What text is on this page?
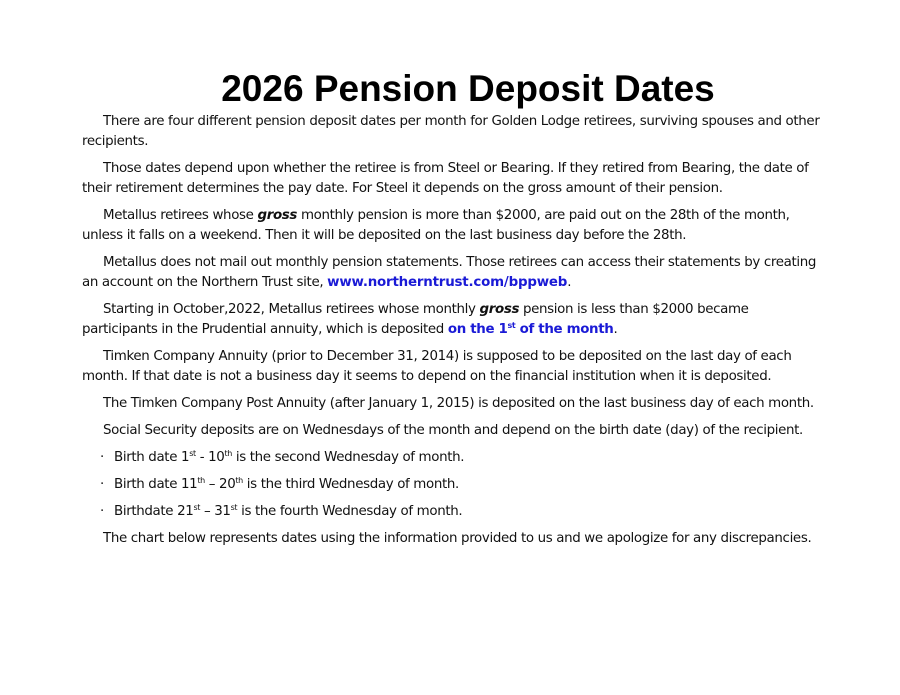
2026 Pension Deposit Dates

There are four different pension deposit dates per month for Golden Lodge retirees, surviving spouses and other recipients.

Those dates depend upon whether the retiree is from Steel or Bearing. If they retired from Bearing, the date of their retirement determines the pay date. For Steel it depends on the gross amount of their pension.

Metallus retirees whose gross monthly pension is more than $2000, are paid out on the 28th of the month, unless it falls on a weekend. Then it will be deposited on the last business day before the 28th.

Metallus does not mail out monthly pension statements. Those retirees can access their statements by creating an account on the Northern Trust site, www.northerntrust.com/bppweb.

Starting in October,2022, Metallus retirees whose monthly gross pension is less than $2000 became participants in the Prudential annuity, which is deposited on the 1st of the month.

Timken Company Annuity (prior to December 31, 2014) is supposed to be deposited on the last day of each month. If that date is not a business day it seems to depend on the financial institution when it is deposited.

The Timken Company Post Annuity (after January 1, 2015) is deposited on the last business day of each month.

Social Security deposits are on Wednesdays of the month and depend on the birth date (day) of the recipient.

· Birth date 1st - 10th is the second Wednesday of month.

· Birth date 11th – 20th is the third Wednesday of month.

· Birthdate 21st – 31st is the fourth Wednesday of month.

The chart below represents dates using the information provided to us and we apologize for any discrepancies.
